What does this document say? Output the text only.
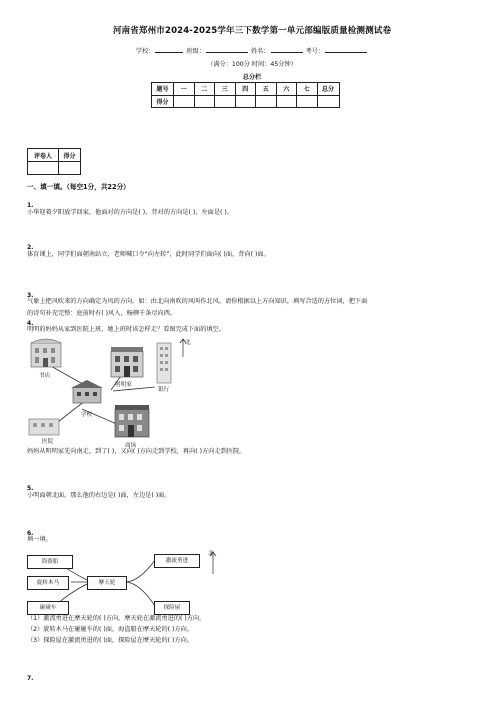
河南省郑州市2024-2025学年三下数学第一单元部编版质量检测测试卷
学校：	班级：	姓名：	考号：
（满分：100分 时间：45分钟）
总分栏
题号	一	二	三	四	五	六	七	总分
得分								
评卷人	得分

一、填一填。（每空1分，共22分）
1.
小华迎着夕阳放学回家，他面对的方向是( )，背对的方向是( )，左面是( )。
2.
体育课上，同学们面朝南站立，老师喊口令“向左转”，此时同学们面向( )面，背向( )面。
3.
气象上把风吹来的方向确定为风的方向。如：由北向南吹的风叫作北风。请你根据以上方向知识，填写合适的方位词，把下面
的诗句补充完整：庭前时有( )风入，杨柳千条尽向西。
4.
明明的妈妈从家到医院上班，她上班时该怎样走？看图完成下面的填空。
北
书店
明明家
银行
学校
医院
商场
妈妈从明明家先向南走，到了( )，又向( )方向走到学校，再向( )方向走到医院。
5.
小明面朝北面，那么他的右边是( )面，左边是( )面。
6.
填一填。
北
海盗船	激流勇进
旋转木马	摩天轮
碰碰车	探险屋
（1）激流勇进在摩天轮的( )方向，摩天轮在激流勇进的( )方向。
（2）旋转木马在碰碰车的( )面，海盗船在摩天轮的( )方向。
（3）探险屋在激流勇进的( )面，探险屋在摩天轮的( )方向。
7.
